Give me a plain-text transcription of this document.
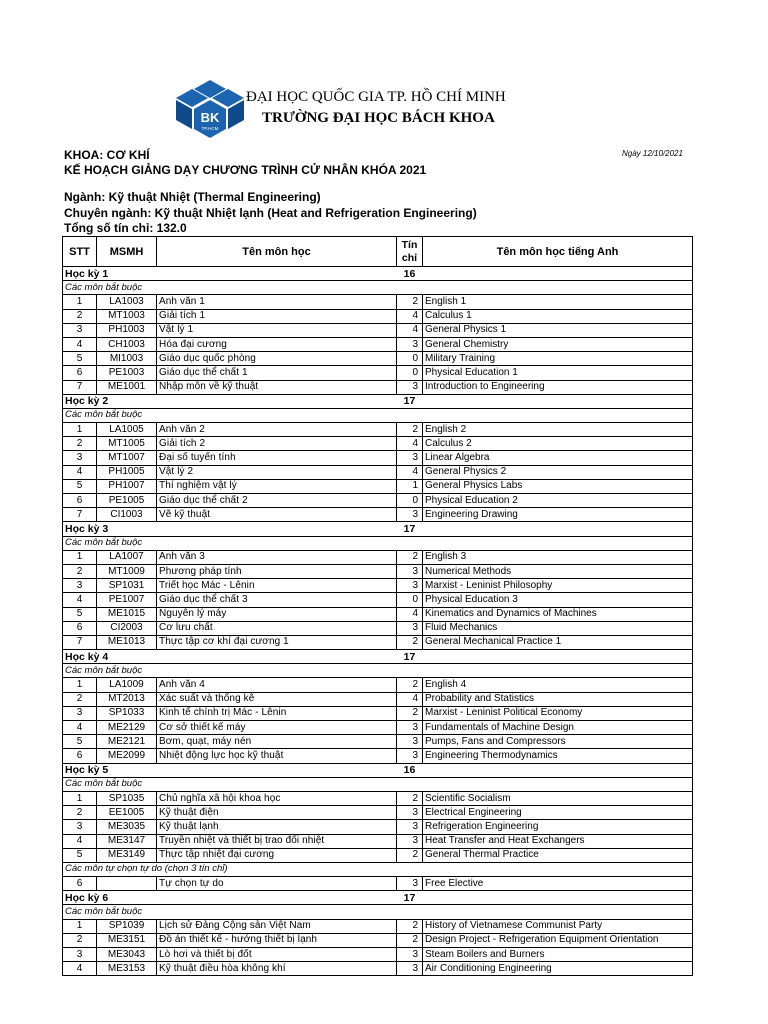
BK
TP.HCM
ĐẠI HỌC QUỐC GIA TP. HỒ CHÍ MINH
TRƯỜNG ĐẠI HỌC BÁCH KHOA
KHOA: CƠ KHÍ	Ngày 12/10/2021
KẾ HOẠCH GIẢNG DẠY CHƯƠNG TRÌNH CỬ NHÂN KHÓA 2021
Ngành: Kỹ thuật Nhiệt (Thermal Engineering)
Chuyên ngành: Kỹ thuật Nhiệt lạnh (Heat and Refrigeration Engineering)
Tổng số tín chỉ: 132.0
STT	MSMH	Tên môn học	Tín chỉ	Tên môn học tiếng Anh
Học kỳ 1			16	
Các môn bắt buộc				
1	LA1003	Anh văn 1	2	English 1
2	MT1003	Giải tích 1	4	Calculus 1
3	PH1003	Vật lý 1	4	General Physics 1
4	CH1003	Hóa đại cương	3	General Chemistry
5	MI1003	Giáo dục quốc phòng	0	Military Training
6	PE1003	Giáo dục thể chất 1	0	Physical Education 1
7	ME1001	Nhập môn về kỹ thuật	3	Introduction to Engineering
Học kỳ 2			17	
Các môn bắt buộc				
1	LA1005	Anh văn 2	2	English 2
2	MT1005	Giải tích 2	4	Calculus 2
3	MT1007	Đại số tuyến tính	3	Linear Algebra
4	PH1005	Vật lý 2	4	General Physics 2
5	PH1007	Thí nghiệm vật lý	1	General Physics Labs
6	PE1005	Giáo dục thể chất 2	0	Physical Education 2
7	CI1003	Vẽ kỹ thuật	3	Engineering Drawing
Học kỳ 3			17	
Các môn bắt buộc				
1	LA1007	Anh văn 3	2	English 3
2	MT1009	Phương pháp tính	3	Numerical Methods
3	SP1031	Triết học Mác - Lênin	3	Marxist - Leninist Philosophy
4	PE1007	Giáo dục thể chất 3	0	Physical Education 3
5	ME1015	Nguyên lý máy	4	Kinematics and Dynamics of Machines
6	CI2003	Cơ lưu chất	3	Fluid Mechanics
7	ME1013	Thực tập cơ khí đại cương 1	2	General Mechanical Practice 1
Học kỳ 4			17	
Các môn bắt buộc				
1	LA1009	Anh văn 4	2	English 4
2	MT2013	Xác suất và thống kê	4	Probability and Statistics
3	SP1033	Kinh tế chính trị Mác - Lênin	2	Marxist - Leninist Political Economy
4	ME2129	Cơ sở thiết kế máy	3	Fundamentals of Machine Design
5	ME2121	Bơm, quạt, máy nén	3	Pumps, Fans and Compressors
6	ME2099	Nhiệt động lực học kỹ thuật	3	Engineering Thermodynamics
Học kỳ 5			16	
Các môn bắt buộc				
1	SP1035	Chủ nghĩa xã hội khoa học	2	Scientific Socialism
2	EE1005	Kỹ thuật điện	3	Electrical Engineering
3	ME3035	Kỹ thuật lạnh	3	Refrigeration Engineering
4	ME3147	Truyền nhiệt và thiết bị trao đổi nhiệt	3	Heat Transfer and Heat Exchangers
5	ME3149	Thực tập nhiệt đại cương	2	General Thermal Practice
Các môn tự chọn tự do (chọn 3 tín chỉ)				
6		Tự chọn tự do	3	Free Elective
Học kỳ 6			17	
Các môn bắt buộc				
1	SP1039	Lịch sử Đảng Cộng sản Việt Nam	2	History of Vietnamese Communist Party
2	ME3151	Đồ án thiết kế - hướng thiết bị lạnh	2	Design Project - Refrigeration Equipment Orientation
3	ME3043	Lò hơi và thiết bị đốt	3	Steam Boilers and Burners
4	ME3153	Kỹ thuật điều hòa không khí	3	Air Conditioning Engineering
